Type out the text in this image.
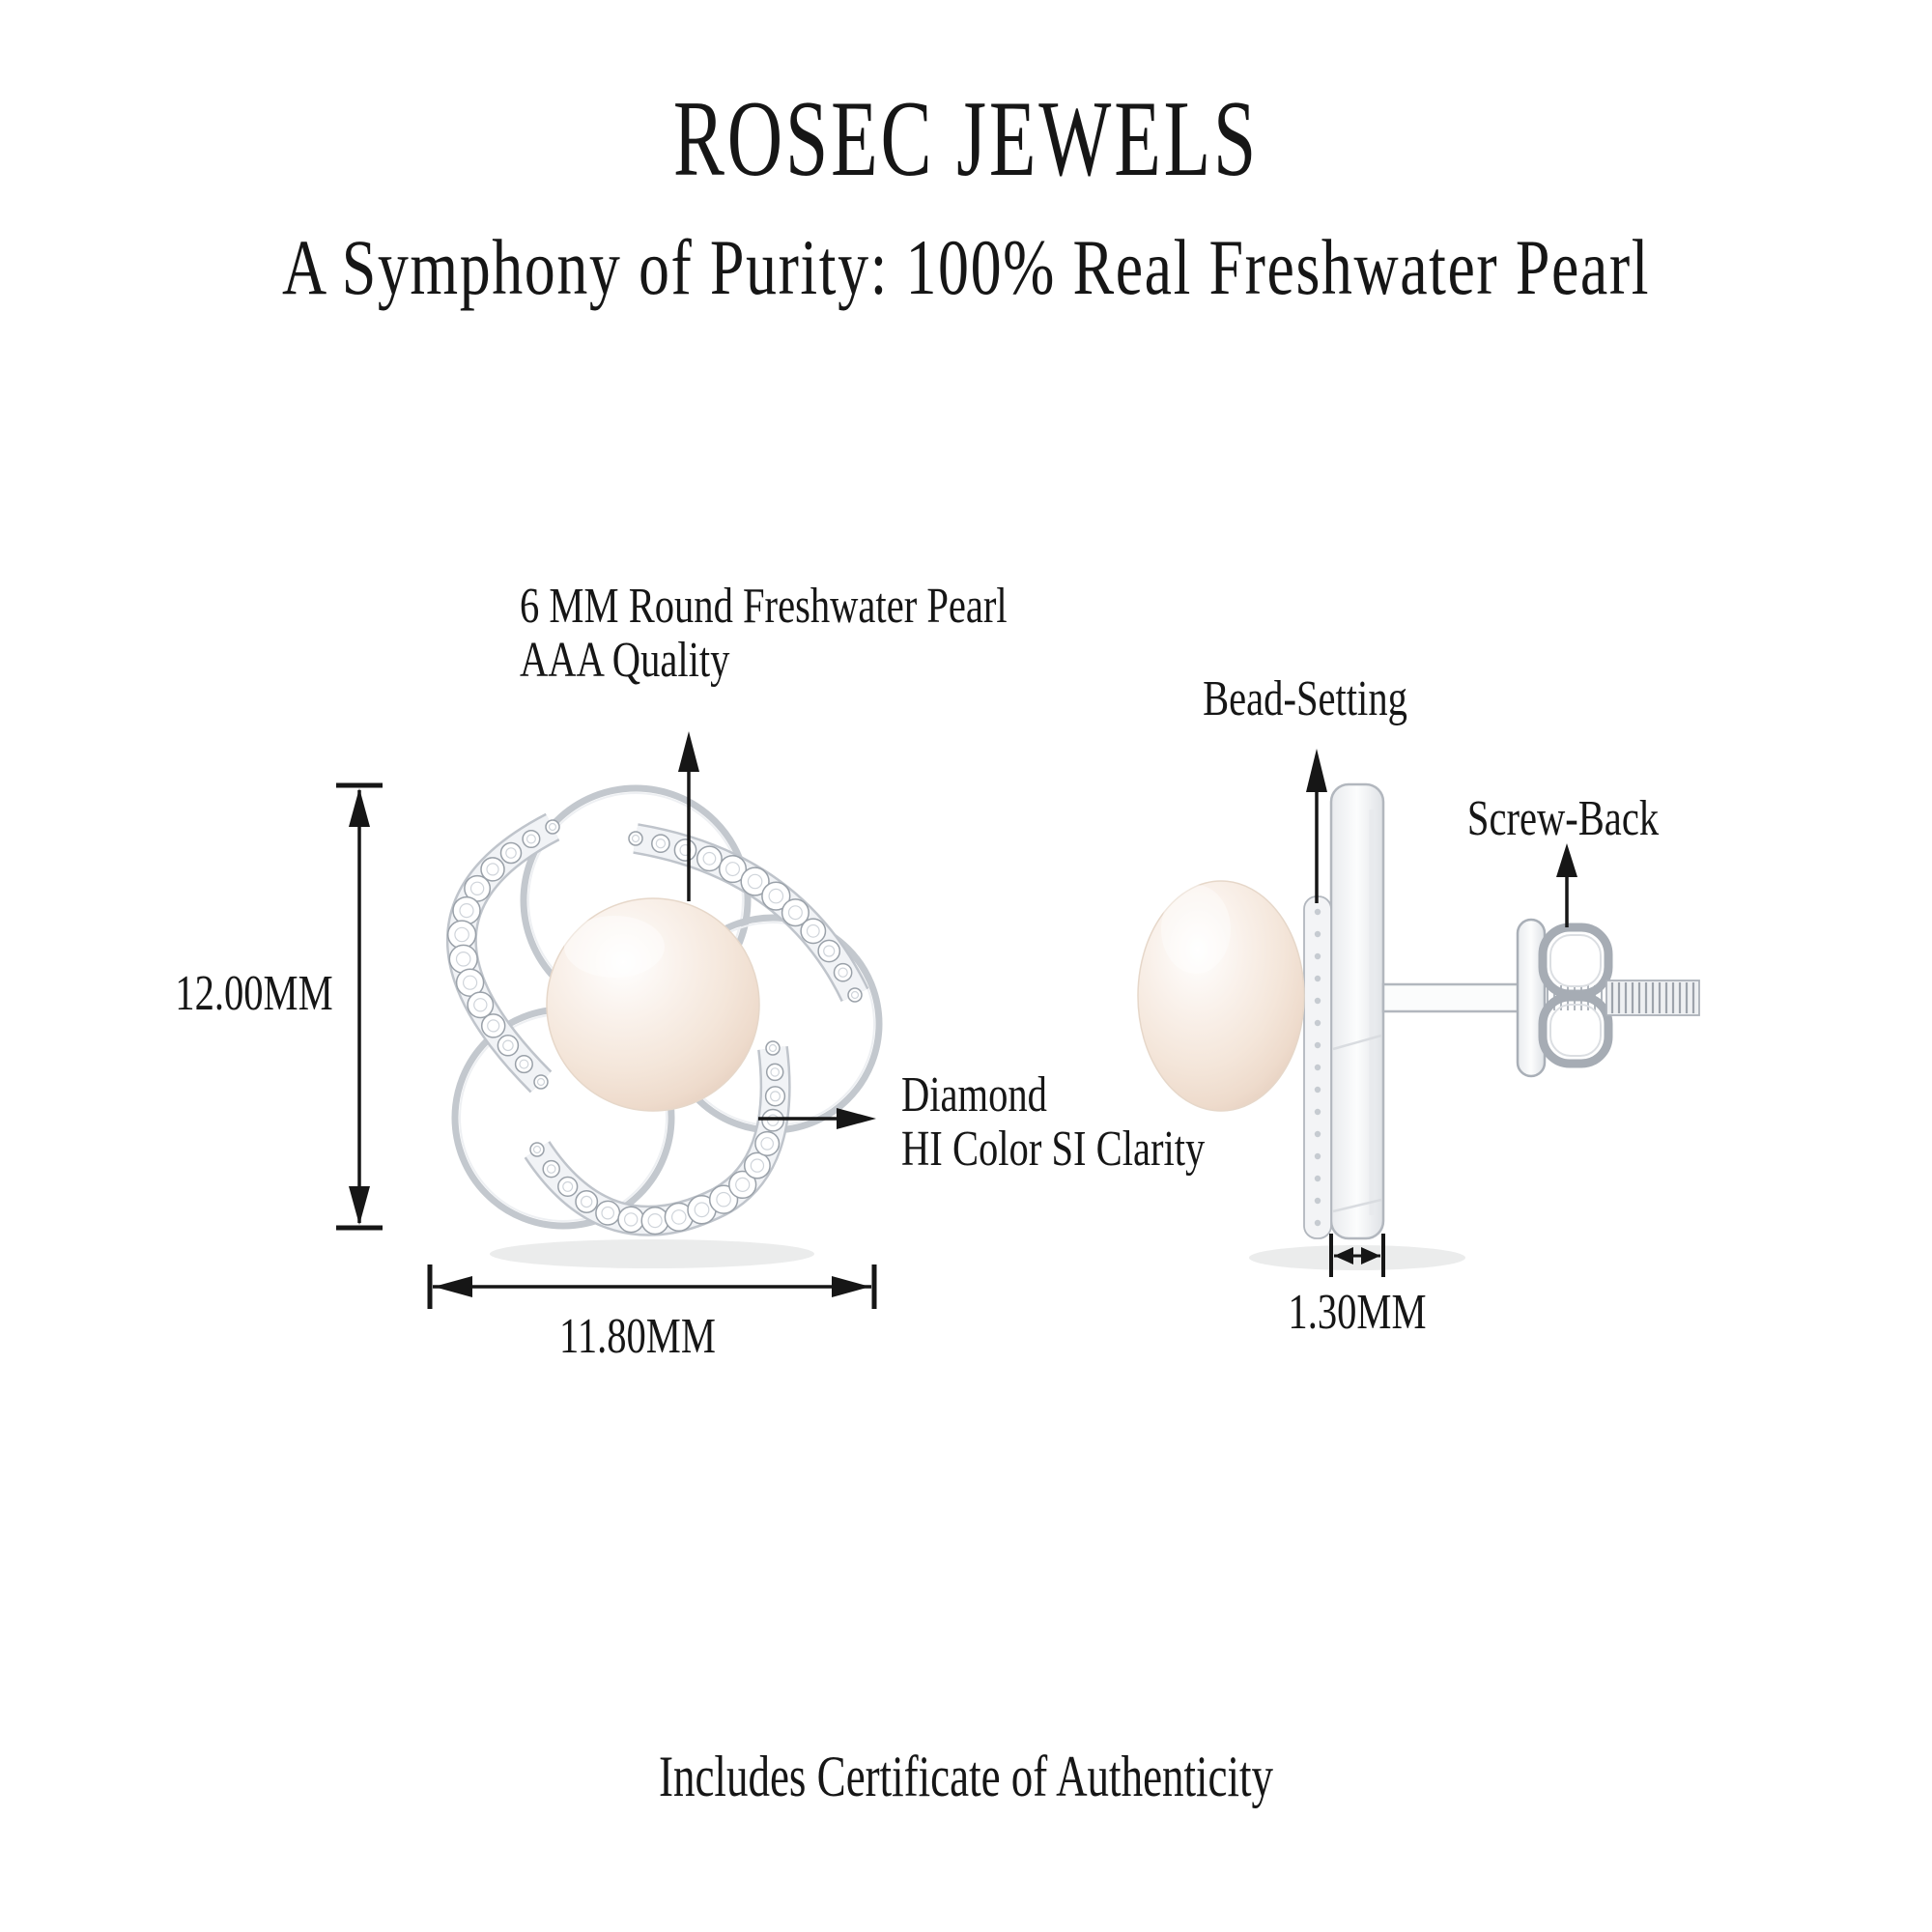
ROSEC JEWELS
A Symphony of Purity: 100% Real Freshwater Pearl
6 MM Round Freshwater Pearl
AAA Quality
Diamond
HI Color SI Clarity
Bead-Setting
Screw-Back
12.00MM
11.80MM	1.30MM
Includes Certificate of Authenticity
